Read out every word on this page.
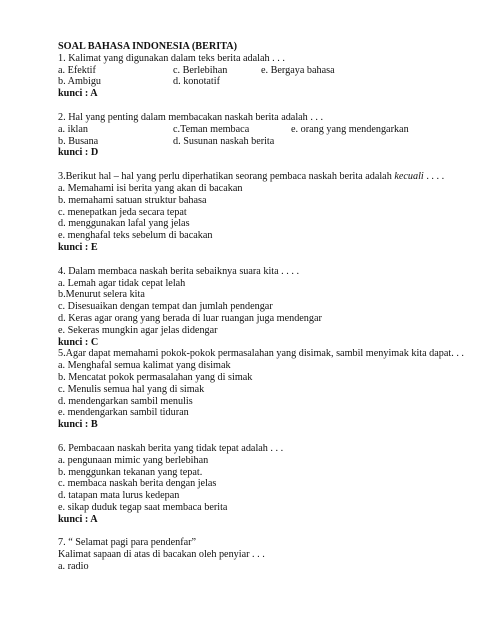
SOAL BAHASA INDONESIA (BERITA)
1. Kalimat yang digunakan dalam teks berita adalah . . .
a. Efektif	c. Berlebihan	e. Bergaya bahasa
b. Ambigu	d. konotatif
kunci : A
2. Hal yang penting dalam membacakan naskah berita adalah . . .
a. iklan	c.Teman membaca	e. orang yang mendengarkan
b. Busana	d. Susunan naskah berita
kunci : D
3.Berikut hal – hal yang perlu diperhatikan seorang pembaca naskah berita adalah kecuali . . . .
a. Memahami isi berita yang akan di bacakan
b. memahami satuan struktur bahasa
c. menepatkan jeda secara tepat
d. menggunakan lafal yang jelas
e. menghafal teks sebelum di bacakan
kunci : E
4. Dalam membaca naskah berita sebaiknya suara kita . . . .
a. Lemah agar tidak cepat lelah
b.Menurut selera kita
c. Disesuaikan dengan tempat dan jumlah pendengar
d. Keras agar orang yang berada di luar ruangan juga mendengar
e. Sekeras mungkin agar jelas didengar
kunci : C
5.Agar dapat memahami pokok-pokok permasalahan yang disimak, sambil menyimak kita dapat. . .
a. Menghafal semua kalimat yang disimak
b. Mencatat pokok permasalahan yang di simak
c. Menulis semua hal yang di simak
d. mendengarkan sambil menulis
e. mendengarkan sambil tiduran
kunci : B
6. Pembacaan naskah berita yang tidak tepat adalah . . .
a. pengunaan mimic yang berlebihan
b. menggunkan tekanan yang tepat.
c. membaca naskah berita dengan jelas
d. tatapan mata lurus kedepan
e. sikap duduk tegap saat membaca berita
kunci : A
7. “ Selamat pagi para pendenfar”
Kalimat sapaan di atas di bacakan oleh penyiar . . .
a. radio
